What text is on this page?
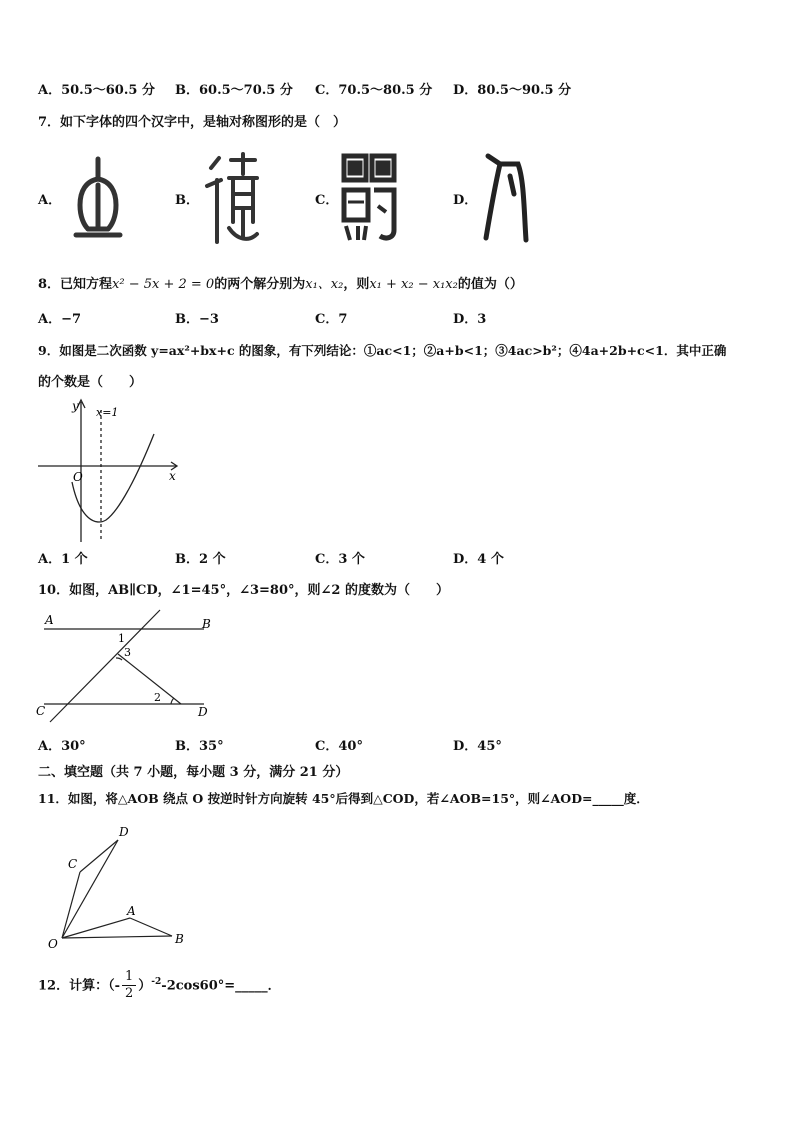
A．50.5～60.5 分 B．60.5～70.5 分 C．70.5～80.5 分 D．80.5～90.5 分
7．如下字体的四个汉字中，是轴对称图形的是（　）
A．	B．	C．	D．
8．已知方程x² − 5x + 2 = 0的两个解分别为x₁、x₂，则x₁ + x₂ − x₁x₂的值为（）
A．−7	B．−3	C．7	D．3
9．如图是二次函数 y=ax²+bx+c 的图象，有下列结论：①ac<1；②a+b<1；③4ac>b²；④4a+2b+c<1．其中正确
的个数是（　　）
y
x
O
x=1
A．1 个	B．2 个	C．3 个	D．4 个
10．如图，AB∥CD，∠1=45°，∠3=80°，则∠2 的度数为（　　）
A	B
C	D
1
3
2
A．30°	B．35°	C．40°	D．45°
二、填空题（共 7 小题，每小题 3 分，满分 21 分）
11．如图，将△AOB 绕点 O 按逆时针方向旋转 45°后得到△COD，若∠AOB=15°，则∠AOD=_____度．
O
A
B
C
D
12．计算：（- $\frac{1}{2}$ ）$^{-2}$-2cos60°=_____．
